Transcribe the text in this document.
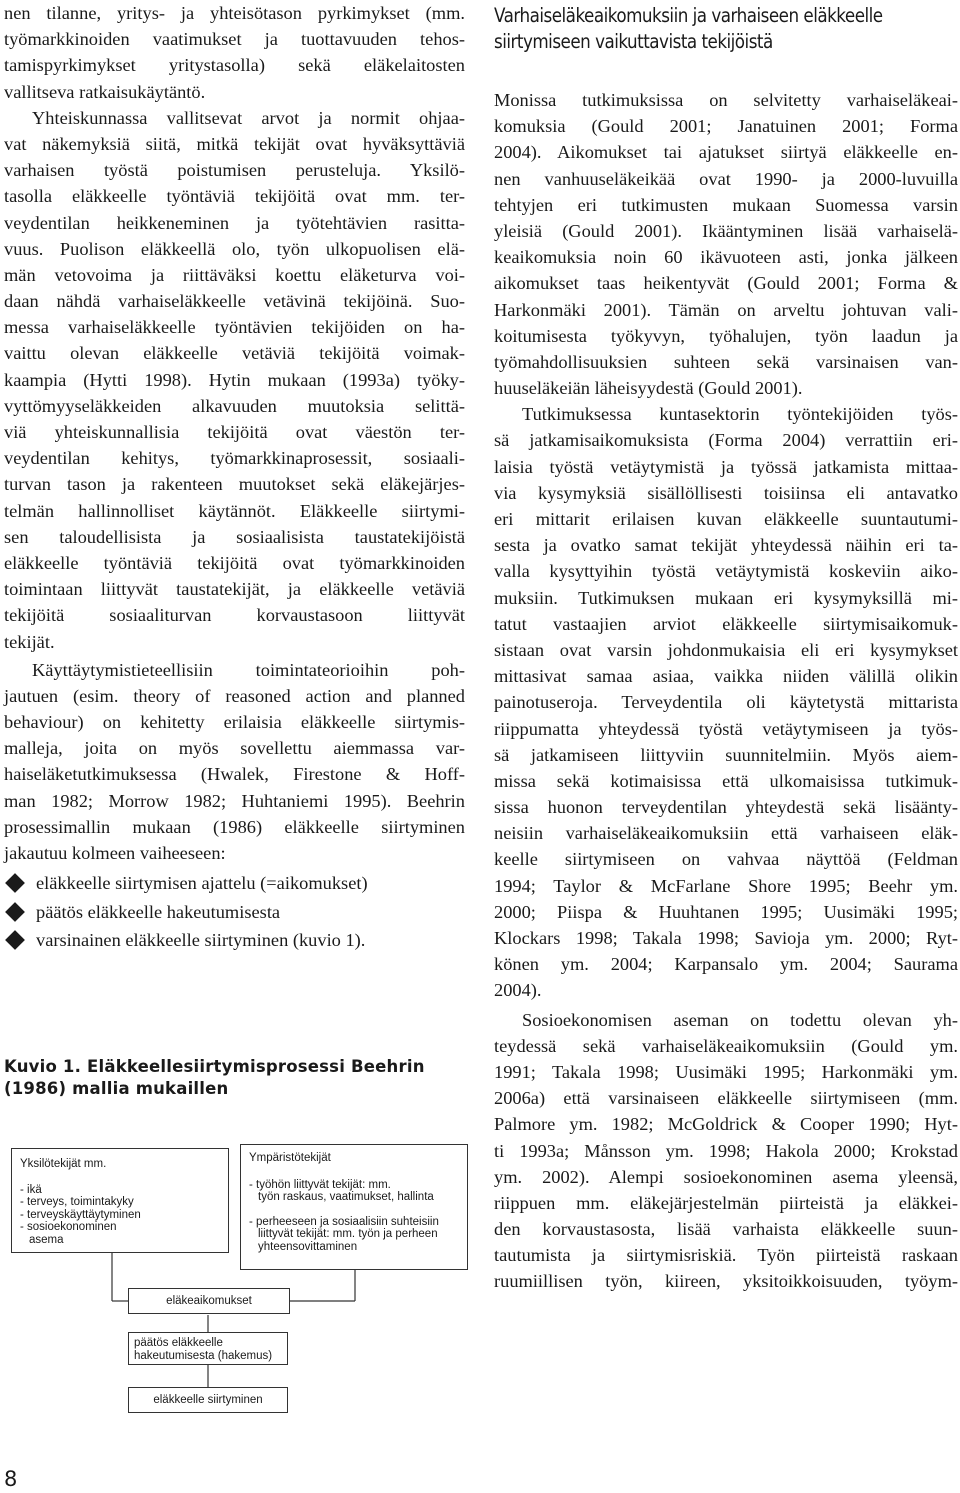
nen tilanne, yritys- ja yhteisötason pyrkimykset (mm.
työmarkkinoiden vaatimukset ja tuottavuuden tehos-
tamispyrkimykset yritystasolla) sekä eläkelaitosten
vallitseva ratkaisukäytäntö.
Yhteiskunnassa vallitsevat arvot ja normit ohjaa-
vat näkemyksiä siitä, mitkä tekijät ovat hyväksyttäviä
varhaisen työstä poistumisen perusteluja. Yksilö-
tasolla eläkkeelle työntäviä tekijöitä ovat mm. ter-
veydentilan heikkeneminen ja työtehtävien rasitta-
vuus. Puolison eläkkeellä olo, työn ulkopuolisen elä-
män vetovoima ja riittäväksi koettu eläketurva voi-
daan nähdä varhaiseläkkeelle vetävinä tekijöinä. Suo-
messa varhaiseläkkeelle työntävien tekijöiden on ha-
vaittu olevan eläkkeelle vetäviä tekijöitä voimak-
kaampia (Hytti 1998). Hytin mukaan (1993a) työky-
vyttömyyseläkkeiden alkavuuden muutoksia selittä-
viä yhteiskunnallisia tekijöitä ovat väestön ter-
veydentilan kehitys, työmarkkinaprosessit, sosiaali-
turvan tason ja rakenteen muutokset sekä eläkejärjes-
telmän hallinnolliset käytännöt. Eläkkeelle siirtymi-
sen taloudellisista ja sosiaalisista taustatekijöistä
eläkkeelle työntäviä tekijöitä ovat työmarkkinoiden
toimintaan liittyvät taustatekijät, ja eläkkeelle vetäviä
tekijöitä sosiaaliturvan korvaustasoon liittyvät
tekijät.
Käyttäytymistieteellisiin toimintateorioihin poh-
jautuen (esim. theory of reasoned action and planned
behaviour) on kehitetty erilaisia eläkkeelle siirtymis-
malleja, joita on myös sovellettu aiemmassa var-
haiseläketutkimuksessa (Hwalek, Firestone & Hoff-
man 1982; Morrow 1982; Huhtaniemi 1995). Beehrin
prosessimallin mukaan (1986) eläkkeelle siirtyminen
jakautuu kolmeen vaiheeseen:
eläkkeelle siirtymisen ajattelu (=aikomukset)
päätös eläkkeelle hakeutumisesta
varsinainen eläkkeelle siirtyminen (kuvio 1).
Kuvio 1. Eläkkeellesiirtymisprosessi Beehrin
(1986) mallia mukaillen
Yksilötekijät mm.
- ikä
- terveys, toimintakyky
- terveyskäyttäytyminen
- sosioekonominen
asema
Ympäristötekijät
- työhön liittyvät tekijät: mm.
työn raskaus, vaatimukset, hallinta
- perheeseen ja sosiaalisiin suhteisiin
liittyvät tekijät: mm. työn ja perheen
yhteensovittaminen
eläkeaikomukset
päätös eläkkeelle
hakeutumisesta (hakemus)
eläkkeelle siirtyminen
Varhaiseläkeaikomuksiin ja varhaiseen eläkkeelle
siirtymiseen vaikuttavista tekijöistä
Monissa tutkimuksissa on selvitetty varhaiseläkeai-
komuksia (Gould 2001; Janatuinen 2001; Forma
2004). Aikomukset tai ajatukset siirtyä eläkkeelle en-
nen vanhuuseläkeikää ovat 1990- ja 2000-luvuilla
tehtyjen eri tutkimusten mukaan Suomessa varsin
yleisiä (Gould 2001). Ikääntyminen lisää varhaiselä-
keaikomuksia noin 60 ikävuoteen asti, jonka jälkeen
aikomukset taas heikentyvät (Gould 2001; Forma &
Harkonmäki 2001). Tämän on arveltu johtuvan vali-
koitumisesta työkyvyn, työhalujen, työn laadun ja
työmahdollisuuksien suhteen sekä varsinaisen van-
huuseläkeiän läheisyydestä (Gould 2001).
Tutkimuksessa kuntasektorin työntekijöiden työs-
sä jatkamisaikomuksista (Forma 2004) verrattiin eri-
laisia työstä vetäytymistä ja työssä jatkamista mittaa-
via kysymyksiä sisällöllisesti toisiinsa eli antavatko
eri mittarit erilaisen kuvan eläkkeelle suuntautumi-
sesta ja ovatko samat tekijät yhteydessä näihin eri ta-
valla kysyttyihin työstä vetäytymistä koskeviin aiko-
muksiin. Tutkimuksen mukaan eri kysymyksillä mi-
tatut vastaajien arviot eläkkeelle siirtymisaikomuk-
sistaan ovat varsin johdonmukaisia eli eri kysymykset
mittasivat samaa asiaa, vaikka niiden välillä olikin
painotuseroja. Terveydentila oli käytetystä mittarista
riippumatta yhteydessä työstä vetäytymiseen ja työs-
sä jatkamiseen liittyviin suunnitelmiin. Myös aiem-
missa sekä kotimaisissa että ulkomaisissa tutkimuk-
sissa huonon terveydentilan yhteydestä sekä lisäänty-
neisiin varhaiseläkeaikomuksiin että varhaiseen eläk-
keelle siirtymiseen on vahvaa näyttöä (Feldman
1994; Taylor & McFarlane Shore 1995; Beehr ym.
2000; Piispa & Huuhtanen 1995; Uusimäki 1995;
Klockars 1998; Takala 1998; Savioja ym. 2000; Ryt-
könen ym. 2004; Karpansalo ym. 2004; Saurama
2004).
Sosioekonomisen aseman on todettu olevan yh-
teydessä sekä varhaiseläkeaikomuksiin (Gould ym.
1991; Takala 1998; Uusimäki 1995; Harkonmäki ym.
2006a) että varsinaiseen eläkkeelle siirtymiseen (mm.
Palmore ym. 1982; McGoldrick & Cooper 1990; Hyt-
ti 1993a; Månsson ym. 1998; Hakola 2000; Krokstad
ym. 2002). Alempi sosioekonominen asema yleensä,
riippuen mm. eläkejärjestelmän piirteistä ja eläkkei-
den korvaustasosta, lisää varhaista eläkkeelle suun-
tautumista ja siirtymisriskiä. Työn piirteistä raskaan
ruumiillisen työn, kiireen, yksitoikkoisuuden, työym-
8
